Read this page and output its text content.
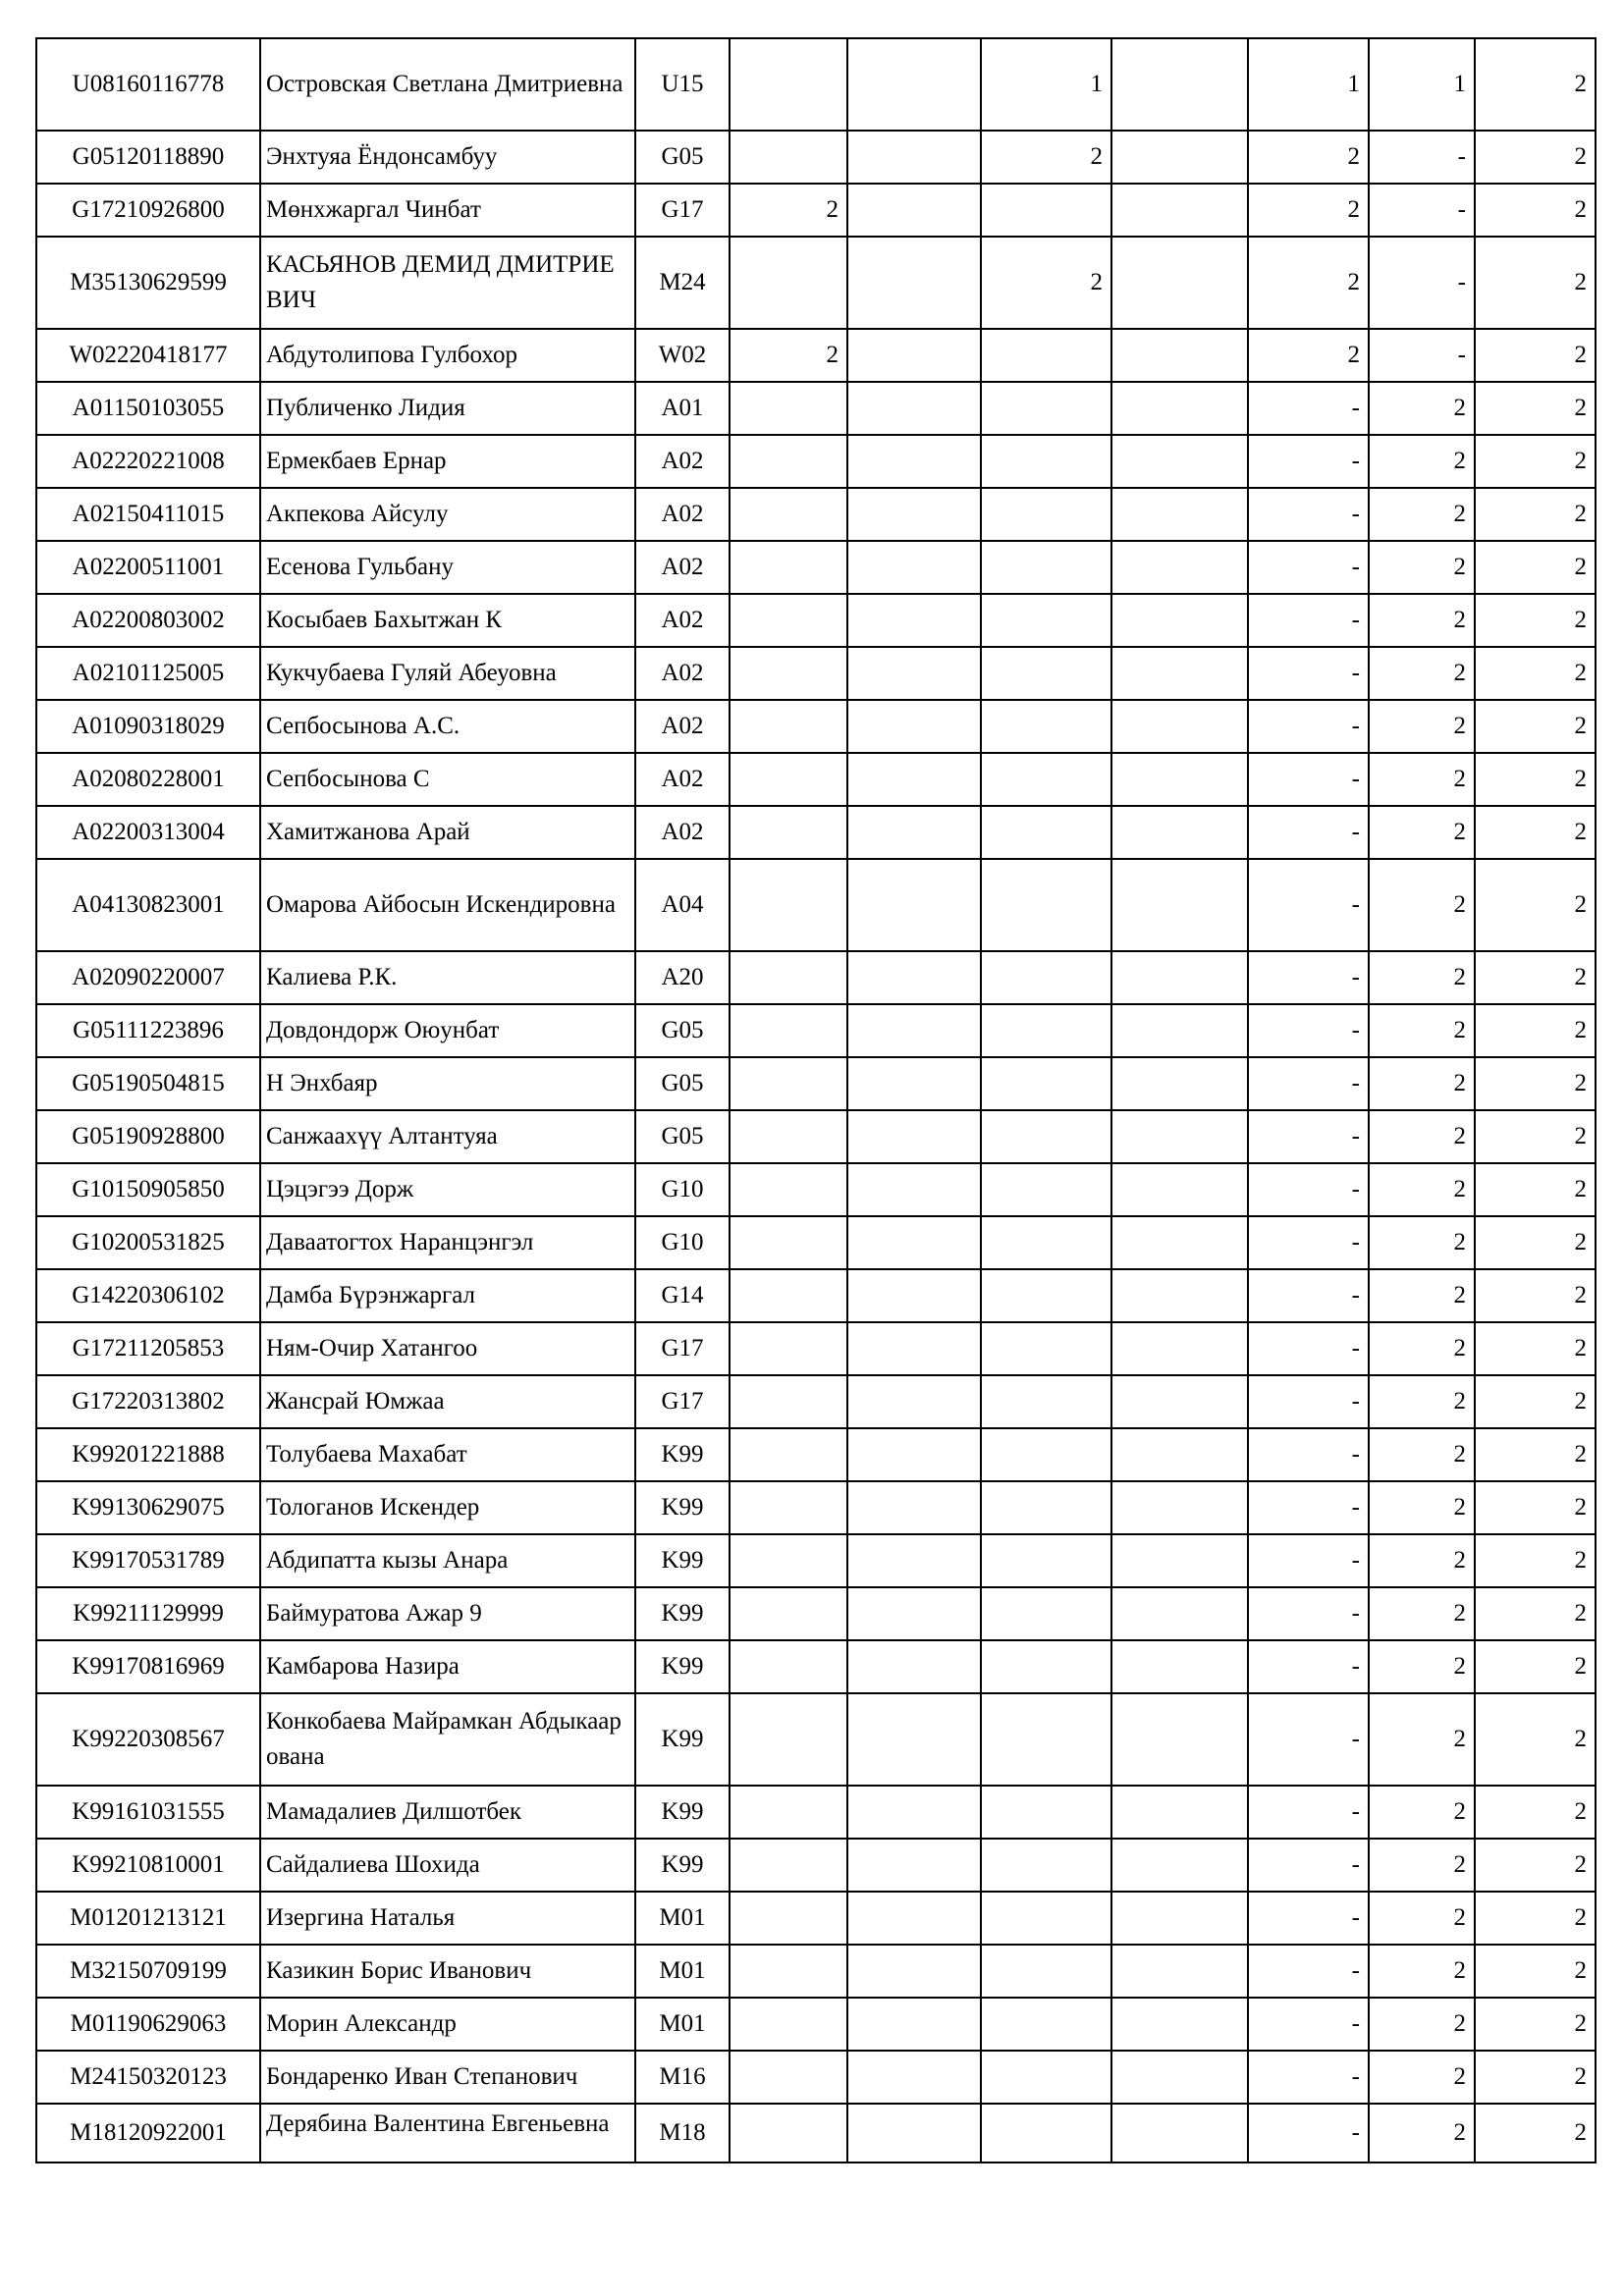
U08160116778	Островская Светлана Дмитриевна	U15			1		1	1	2
G05120118890	Энхтуяа Ёндонсамбуу	G05			2		2	-	2
G17210926800	Мөнхжаргал Чинбат	G17	2				2	-	2
M35130629599	КАСЬЯНОВ ДЕМИД ДМИТРИЕВИЧ	M24			2		2	-	2
W02220418177	Абдутолипова Гулбохор	W02	2				2	-	2
A01150103055	Публиченко Лидия	A01					-	2	2
A02220221008	Ермекбаев Ернар	A02					-	2	2
A02150411015	Акпекова Айсулу	A02					-	2	2
A02200511001	Есенова Гульбану	A02					-	2	2
A02200803002	Косыбаев Бахытжан К	A02					-	2	2
A02101125005	Кукчубаева Гуляй Абеуовна	A02					-	2	2
A01090318029	Сепбосынова А.С.	A02					-	2	2
A02080228001	Сепбосынова С	A02					-	2	2
A02200313004	Хамитжанова Арай	A02					-	2	2
A04130823001	Омарова Айбосын Искендировна	A04					-	2	2
A02090220007	Калиева Р.К.	A20					-	2	2
G05111223896	Довдондорж Оюунбат	G05					-	2	2
G05190504815	Н Энхбаяр	G05					-	2	2
G05190928800	Санжаахүү Алтантуяа	G05					-	2	2
G10150905850	Цэцэгээ Дорж	G10					-	2	2
G10200531825	Даваатогтох Наранцэнгэл	G10					-	2	2
G14220306102	Дамба Бүрэнжаргал	G14					-	2	2
G17211205853	Ням-Очир Хатангоо	G17					-	2	2
G17220313802	Жансрай Юмжаа	G17					-	2	2
K99201221888	Толубаева Махабат	K99					-	2	2
K99130629075	Тологанов Искендер	K99					-	2	2
K99170531789	Абдипатта кызы Анара	K99					-	2	2
K99211129999	Баймуратова Ажар 9	K99					-	2	2
K99170816969	Камбарова Назира	K99					-	2	2
K99220308567	Конкобаева Майрамкан Абдыкаарована	K99					-	2	2
K99161031555	Мамадалиев Дилшотбек	K99					-	2	2
K99210810001	Сайдалиева Шохида	K99					-	2	2
M01201213121	Изергина Наталья	M01					-	2	2
M32150709199	Казикин Борис Иванович	M01					-	2	2
M01190629063	Морин Александр	M01					-	2	2
M24150320123	Бондаренко Иван Степанович	M16					-	2	2
M18120922001	Дерябина Валентина Евгеньевна	M18					-	2	2
